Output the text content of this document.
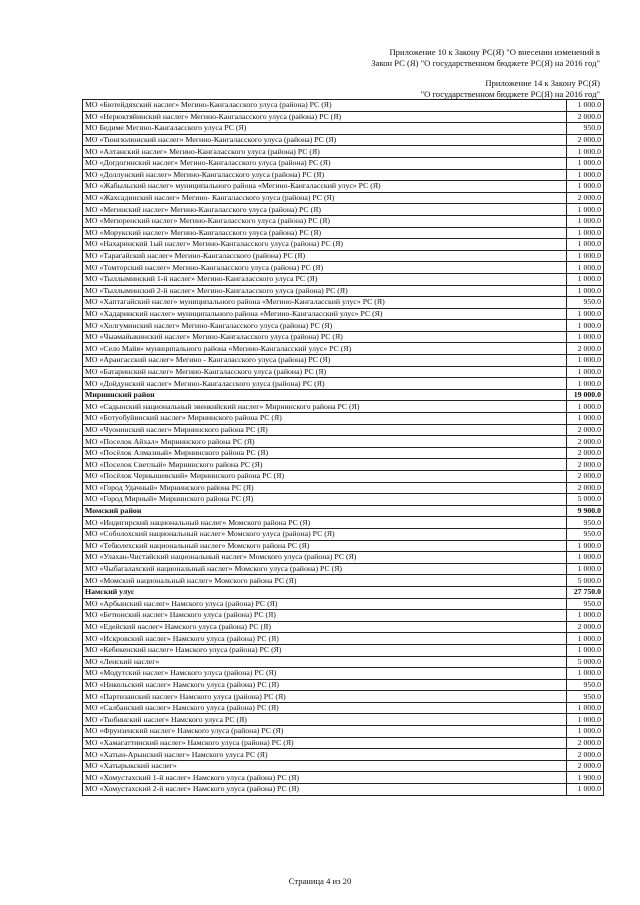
Приложение 10 к Закону РС(Я) "О внесении изменений в
Закон РС (Я) "О государственном бюджете РС(Я) на 2016 год"
Приложение 14 к Закону РС(Я)
"О государственном бюджете РС(Я) на 2016 год"
МО «Бютейдяхский наслег» Мегино-Кангаласского улуса (района) РС (Я)	1 000.0
МО «Нерюктяйинский наслег» Мегино-Кангаласского улуса (района) РС (Я)	2 000.0
МО Бедиме Мегино-Кангаласского улуса РС (Я)	950.0
МО «Тюнгюлюнский наслег» Мегино-Кангаласского улуса (района) РС (Я)	2 000.0
МО «Алтанский наслег» Мегино-Кангаласского улуса (района) РС (Я)	1 000.0
МО «Догдогинский наслег» Мегино-Кангаласского улуса (района) РС (Я)	1 000.0
МО «Доллунский наслег» Мегино-Кангаласского улуса (района) РС (Я)	1 000.0
МО «Жабыльский наслег» муниципального района «Мегино-Кангаласский улус» РС (Я)	1 000.0
МО «Жахсадинский наслег» Мегино- Кангаласского улуса (района) РС (Я)	2 000.0
МО «Мегинский наслег» Мегино-Кангаласского улуса (района) РС (Я)	1 000.0
МО «Мегюренский наслег» Мегино-Кангаласского улуса (района) РС (Я)	1 000.0
МО «Морукский наслег» Мегино-Кангаласского улуса (района) РС (Я)	1 000.0
МО «Нахаринский 1ый наслег» Мегино-Кангаласского улуса (района) РС (Я)	1 000.0
МО «Тарагайский наслег» Мегино-Кангаласского (района) РС (Я)	1 000.0
МО «Томторский наслег» Мегино-Кангаласского улуса (района) РС (Я)	1 000.0
МО «Тыллыминский 1-й наслег» Мегино-Кангаласского улуса РС (Я)	1 000.0
МО «Тыллыминский 2-й наслег» Мегино-Кангаласского улуса (района) РС (Я)	1 000.0
МО «Хаптагайский наслег» муниципального района «Мегино-Кангаласский улус» РС (Я)	950.0
МО «Хадаринский наслег» муниципального района «Мегино-Кангаласский улус» РС (Я)	1 000.0
МО «Холгуминский наслег» Мегино-Кангаласского улуса (района) РС (Я)	1 000.0
МО «Чыамайыкинский наслег» Мегино-Кангаласского улуса (района) РС (Я)	1 000.0
МО «Село Майя» муниципального района «Мегино-Кангаласский улус» РС (Я)	2 000.0
МО «Арангасский наслег» Мегино - Кангаласского улуса (района) РС (Я)	1 000.0
МО «Батаринский наслег» Мегино-Кангаласского улуса (района) РС (Я)	1 000.0
МО «Дойдунский наслег» Мегино-Кангаласского улуса (района) РС (Я)	1 000.0
Мирнинский район	19 000.0
МО «Садынский национальный эвенкийский наслег» Мирнинского района РС (Я)	1 000.0
МО «Ботуобуйинский наслег» Мирнинского района РС (Я)	1 000.0
МО «Чуонинский наслег» Мирнинского района РС (Я)	2 000.0
МО «Поселок Айхал» Мирнинского района РС (Я)	2 000.0
МО «Посёлок Алмазный» Мирнинского района РС (Я)	2 000.0
МО «Поселок Светлый» Мирнинского района РС (Я)	2 000.0
МО «Посёлок Чернышевский» Мирнинского района РС (Я)	2 000.0
МО «Город Удачный» Мирнинского района РС (Я)	2 000.0
МО «Город Мирный» Мирнинского района РС (Я)	5 000.0
Момский район	9 900.0
МО «Индигирский национальный наслег» Момского района РС (Я)	950.0
МО «Соболохский национальный наслег» Момского улуса (района) РС (Я)	950.0
МО «Тебюлехский национальный наслег» Момского района РС (Я)	1 000.0
МО «Улахан-Чистайский национальный наслег» Момского улуса (района) РС (Я)	1 000.0
МО «Чыбагалахский национальный наслег» Момского улуса (района) РС (Я)	1 000.0
МО «Момский национальный наслег» Момского района РС (Я)	5 000.0
Намский улус	27 750.0
МО «Арбынский наслег» Намского улуса (района) РС (Я)	950.0
МО «Бетюнский наслег» Намского улуса (района) РС (Я)	1 000.0
МО «Едейский наслег» Намского улуса (района) РС (Я)	2 000.0
МО «Искровский наслег» Намского улуса (района) РС (Я)	1 000.0
МО «Кебекенский наслег» Намского улуса (района) РС (Я)	1 000.0
МО «Ленский наслег»	5 000.0
МО «Модутский наслег» Намского улуса (района) РС (Я)	1 000.0
МО «Никольский наслег» Намского улуса (района) РС (Я)	950.0
МО «Партизанский наслег» Намского улуса (района) РС (Я)	950.0
МО «Салбанский наслег» Намского улуса (района) РС (Я)	1 000.0
МО «Тюбинский наслег» Намского улуса РС (Я)	1 000.0
МО «Фрунзенский наслег» Намского улуса (района) РС (Я)	1 000.0
МО «Хамагаттинский наслег» Намского улуса (района) РС (Я)	2 000.0
МО «Хатын-Арынский наслег» Намского улуса РС (Я)	2 000.0
МО «Хатырыкский наслег»	2 000.0
МО «Хомустахский 1-й наслег» Намского улуса (района) РС (Я)	1 900.0
МО «Хомустахский 2-й наслег» Намского улуса (района) РС (Я)	1 000.0
Страница 4 из 20
